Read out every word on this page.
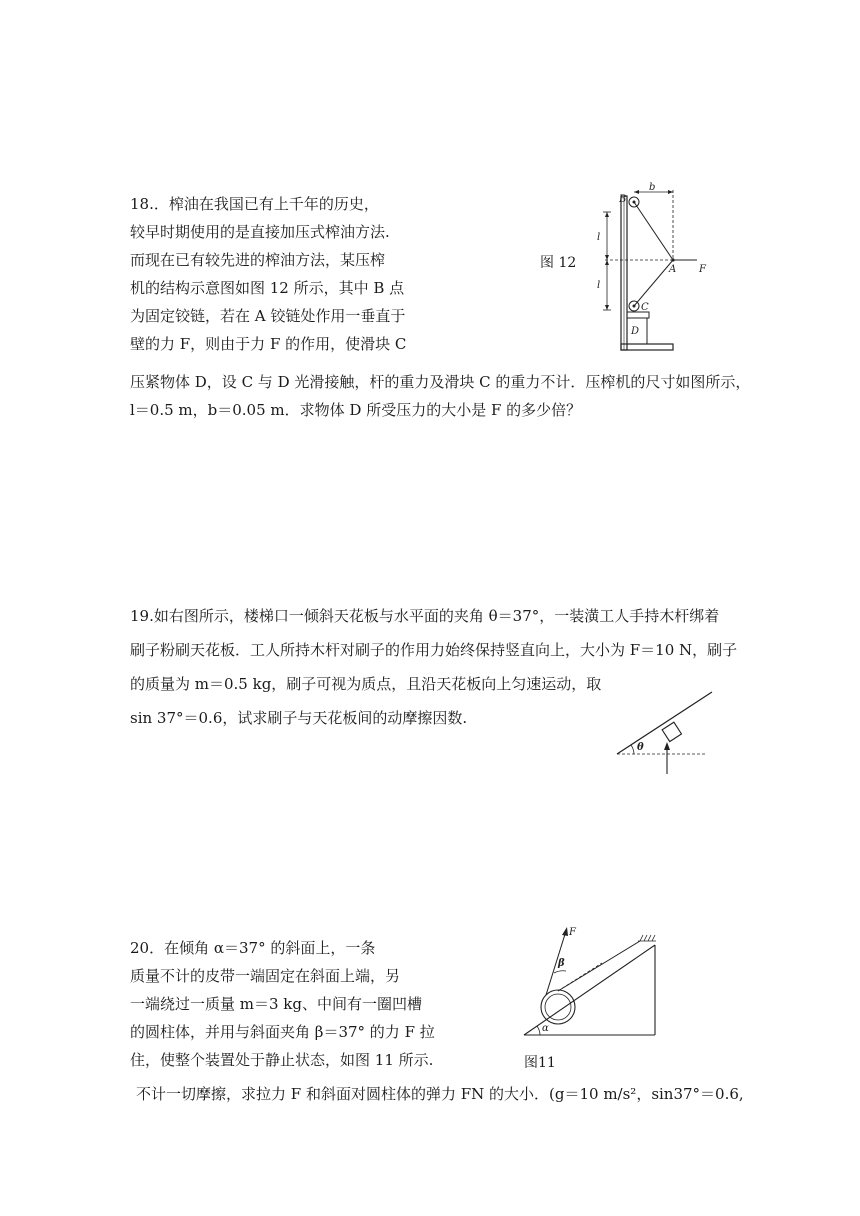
18.．榨油在我国已有上千年的历史，
较早时期使用的是直接加压式榨油方法.
而现在已有较先进的榨油方法，某压榨
机的结构示意图如图 12 所示，其中 B 点
为固定铰链，若在 A 铰链处作用一垂直于
壁的力 F，则由于力 F 的作用，使滑块 C
压紧物体 D，设 C 与 D 光滑接触，杆的重力及滑块 C 的重力不计．压榨机的尺寸如图所示，
l＝0.5 m，b＝0.05 m．求物体 D 所受压力的大小是 F 的多少倍？
图 12
b
B
l
l
A F
C
D
19.如右图所示，楼梯口一倾斜天花板与水平面的夹角 θ＝37°，一装潢工人手持木杆绑着
刷子粉刷天花板．工人所持木杆对刷子的作用力始终保持竖直向上，大小为 F＝10 N，刷子
的质量为 m＝0.5 kg，刷子可视为质点，且沿天花板向上匀速运动，取
sin 37°＝0.6，试求刷子与天花板间的动摩擦因数.
θ
20．在倾角 α＝37° 的斜面上，一条
质量不计的皮带一端固定在斜面上端，另
一端绕过一质量 m＝3 kg、中间有一圈凹槽
的圆柱体，并用与斜面夹角 β＝37° 的力 F 拉
住，使整个装置处于静止状态，如图 11 所示.
不计一切摩擦，求拉力 F 和斜面对圆柱体的弹力 FN 的大小．(g＝10 m/s²，sin37°＝0.6,
图11
F
β
α
